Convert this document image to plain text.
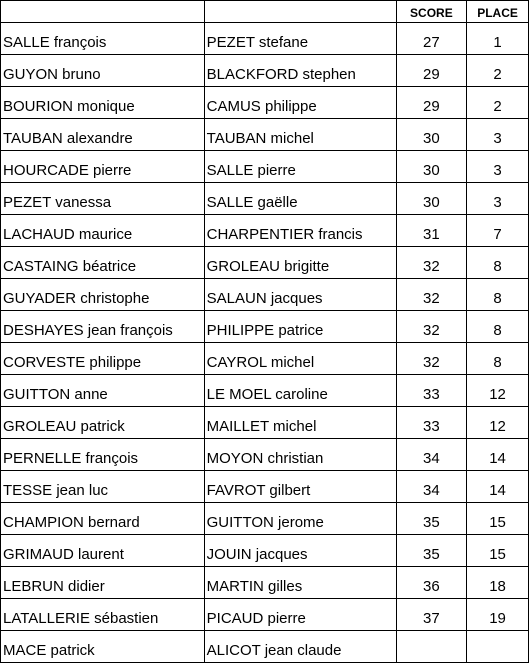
		SCORE	PLACE
SALLE françois	PEZET stefane	27	1
GUYON bruno	BLACKFORD stephen	29	2
BOURION monique	CAMUS philippe	29	2
TAUBAN alexandre	TAUBAN michel	30	3
HOURCADE pierre	SALLE pierre	30	3
PEZET vanessa	SALLE gaëlle	30	3
LACHAUD maurice	CHARPENTIER francis	31	7
CASTAING béatrice	GROLEAU brigitte	32	8
GUYADER christophe	SALAUN jacques	32	8
DESHAYES jean françois	PHILIPPE patrice	32	8
CORVESTE philippe	CAYROL michel	32	8
GUITTON anne	LE MOEL caroline	33	12
GROLEAU patrick	MAILLET michel	33	12
PERNELLE françois	MOYON christian	34	14
TESSE jean luc	FAVROT gilbert	34	14
CHAMPION bernard	GUITTON jerome	35	15
GRIMAUD laurent	JOUIN jacques	35	15
LEBRUN didier	MARTIN gilles	36	18
LATALLERIE sébastien	PICAUD pierre	37	19
MACE patrick	ALICOT jean claude		
